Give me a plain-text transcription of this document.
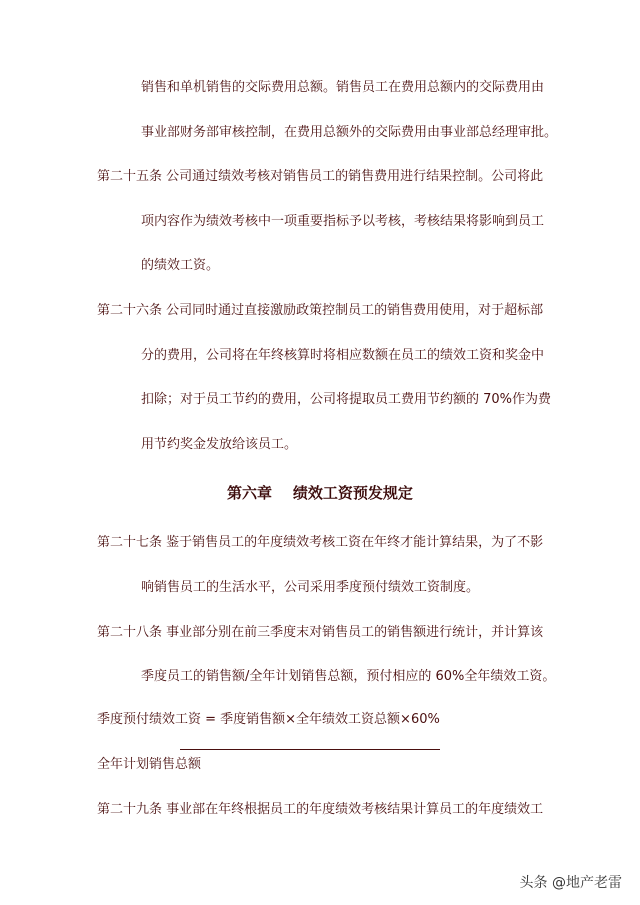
销售和单机销售的交际费用总额。销售员工在费用总额内的交际费用由
事业部财务部审核控制，在费用总额外的交际费用由事业部总经理审批。
第二十五条 公司通过绩效考核对销售员工的销售费用进行结果控制。公司将此
项内容作为绩效考核中一项重要指标予以考核，考核结果将影响到员工
的绩效工资。
第二十六条 公司同时通过直接激励政策控制员工的销售费用使用，对于超标部
分的费用，公司将在年终核算时将相应数额在员工的绩效工资和奖金中
扣除；对于员工节约的费用，公司将提取员工费用节约额的 70%作为费
用节约奖金发放给该员工。
第六章    绩效工资预发规定
第二十七条 鉴于销售员工的年度绩效考核工资在年终才能计算结果，为了不影
响销售员工的生活水平，公司采用季度预付绩效工资制度。
第二十八条 事业部分别在前三季度末对销售员工的销售额进行统计，并计算该
季度员工的销售额/全年计划销售总额，预付相应的 60%全年绩效工资。
季度预付绩效工资 = 季度销售额×全年绩效工资总额×60%
全年计划销售总额
第二十九条 事业部在年终根据员工的年度绩效考核结果计算员工的年度绩效工
头条 @地产老雷
